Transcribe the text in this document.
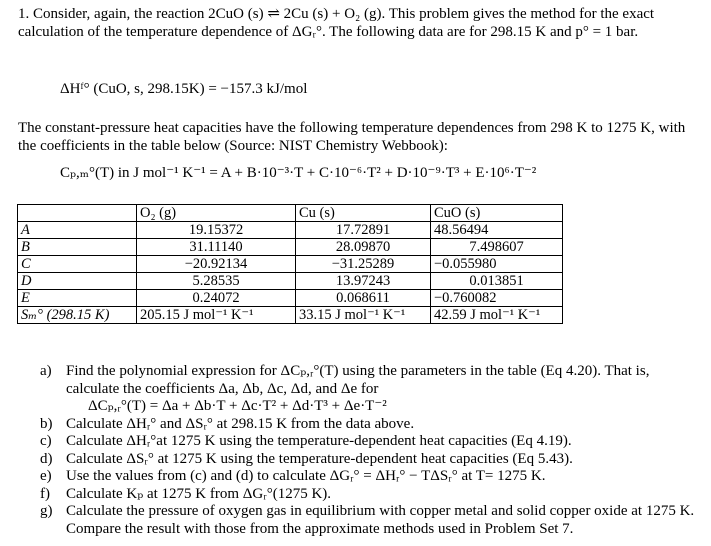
1. Consider, again, the reaction 2CuO (s) ⇌ 2Cu (s) + O₂ (g). This problem gives the method for the exact calculation of the temperature dependence of ΔGᵣ°. The following data are for 298.15 K and p° = 1 bar.
ΔHᶠ° (CuO, s, 298.15K) = −157.3 kJ/mol
The constant-pressure heat capacities have the following temperature dependences from 298 K to 1275 K, with the coefficients in the table below (Source: NIST Chemistry Webbook):
Cₚ,ₘ°(T) in J mol⁻¹ K⁻¹ = A + B·10⁻³·T + C·10⁻⁶·T² + D·10⁻⁹·T³ + E·10⁶·T⁻²
	O₂ (g)	Cu (s)	CuO (s)
A	19.15372	17.72891	48.56494
B	31.11140	28.09870	7.498607
C	−20.92134	−31.25289	−0.055980
D	5.28535	13.97243	0.013851
E	0.24072	0.068611	−0.760082
Sₘ° (298.15 K)	205.15 J mol⁻¹ K⁻¹	33.15 J mol⁻¹ K⁻¹	42.59 J mol⁻¹ K⁻¹
a) Find the polynomial expression for ΔCₚ,ᵣ°(T) using the parameters in the table (Eq 4.20). That is, calculate the coefficients Δa, Δb, Δc, Δd, and Δe for
ΔCₚ,ᵣ°(T) = Δa + Δb·T + Δc·T² + Δd·T³ + Δe·T⁻²
b) Calculate ΔHᵣ° and ΔSᵣ° at 298.15 K from the data above.
c) Calculate ΔHᵣ°at 1275 K using the temperature-dependent heat capacities (Eq 4.19).
d) Calculate ΔSᵣ° at 1275 K using the temperature-dependent heat capacities (Eq 5.43).
e) Use the values from (c) and (d) to calculate ΔGᵣ° = ΔHᵣ° − TΔSᵣ° at T= 1275 K.
f) Calculate Kₚ at 1275 K from ΔGᵣ°(1275 K).
g) Calculate the pressure of oxygen gas in equilibrium with copper metal and solid copper oxide at 1275 K. Compare the result with those from the approximate methods used in Problem Set 7.
